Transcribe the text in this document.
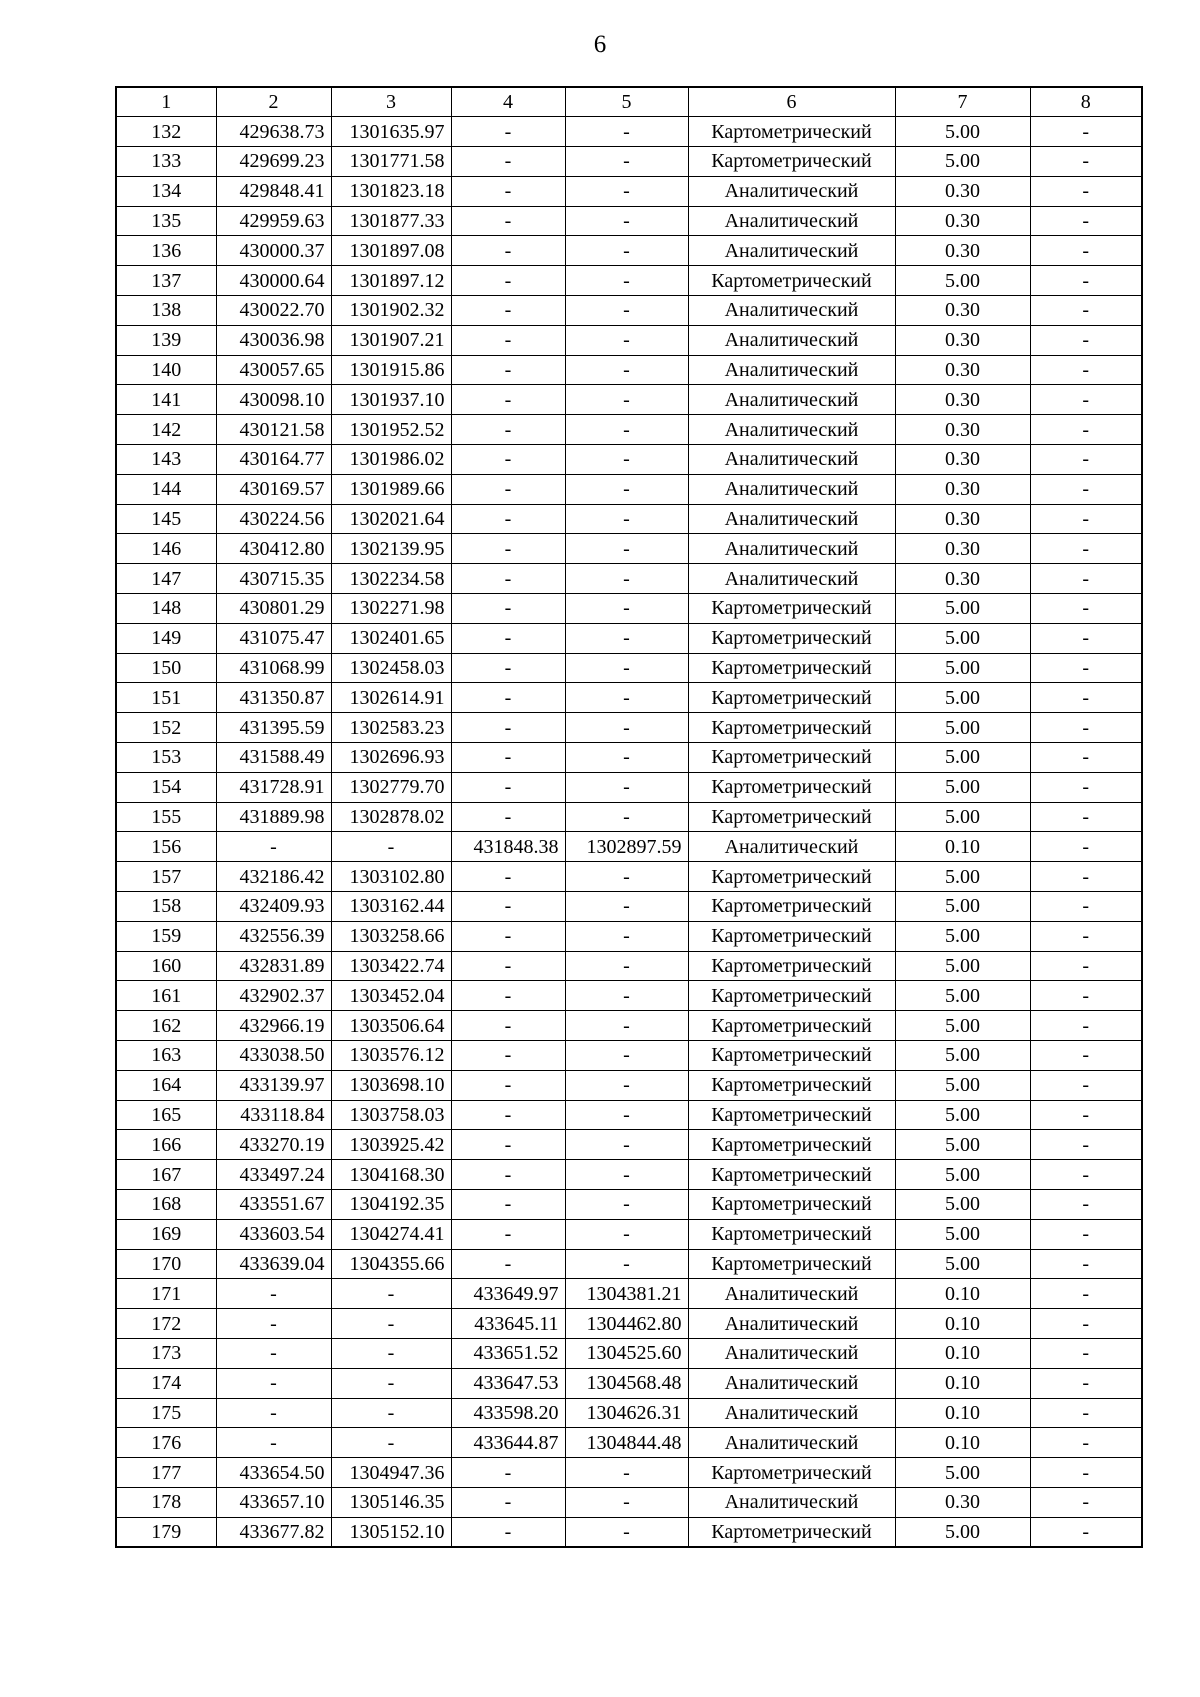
6
1	2	3	4	5	6	7	8
132	429638.73	1301635.97	-	-	Картометрический	5.00	-
133	429699.23	1301771.58	-	-	Картометрический	5.00	-
134	429848.41	1301823.18	-	-	Аналитический	0.30	-
135	429959.63	1301877.33	-	-	Аналитический	0.30	-
136	430000.37	1301897.08	-	-	Аналитический	0.30	-
137	430000.64	1301897.12	-	-	Картометрический	5.00	-
138	430022.70	1301902.32	-	-	Аналитический	0.30	-
139	430036.98	1301907.21	-	-	Аналитический	0.30	-
140	430057.65	1301915.86	-	-	Аналитический	0.30	-
141	430098.10	1301937.10	-	-	Аналитический	0.30	-
142	430121.58	1301952.52	-	-	Аналитический	0.30	-
143	430164.77	1301986.02	-	-	Аналитический	0.30	-
144	430169.57	1301989.66	-	-	Аналитический	0.30	-
145	430224.56	1302021.64	-	-	Аналитический	0.30	-
146	430412.80	1302139.95	-	-	Аналитический	0.30	-
147	430715.35	1302234.58	-	-	Аналитический	0.30	-
148	430801.29	1302271.98	-	-	Картометрический	5.00	-
149	431075.47	1302401.65	-	-	Картометрический	5.00	-
150	431068.99	1302458.03	-	-	Картометрический	5.00	-
151	431350.87	1302614.91	-	-	Картометрический	5.00	-
152	431395.59	1302583.23	-	-	Картометрический	5.00	-
153	431588.49	1302696.93	-	-	Картометрический	5.00	-
154	431728.91	1302779.70	-	-	Картометрический	5.00	-
155	431889.98	1302878.02	-	-	Картометрический	5.00	-
156	-	-	431848.38	1302897.59	Аналитический	0.10	-
157	432186.42	1303102.80	-	-	Картометрический	5.00	-
158	432409.93	1303162.44	-	-	Картометрический	5.00	-
159	432556.39	1303258.66	-	-	Картометрический	5.00	-
160	432831.89	1303422.74	-	-	Картометрический	5.00	-
161	432902.37	1303452.04	-	-	Картометрический	5.00	-
162	432966.19	1303506.64	-	-	Картометрический	5.00	-
163	433038.50	1303576.12	-	-	Картометрический	5.00	-
164	433139.97	1303698.10	-	-	Картометрический	5.00	-
165	433118.84	1303758.03	-	-	Картометрический	5.00	-
166	433270.19	1303925.42	-	-	Картометрический	5.00	-
167	433497.24	1304168.30	-	-	Картометрический	5.00	-
168	433551.67	1304192.35	-	-	Картометрический	5.00	-
169	433603.54	1304274.41	-	-	Картометрический	5.00	-
170	433639.04	1304355.66	-	-	Картометрический	5.00	-
171	-	-	433649.97	1304381.21	Аналитический	0.10	-
172	-	-	433645.11	1304462.80	Аналитический	0.10	-
173	-	-	433651.52	1304525.60	Аналитический	0.10	-
174	-	-	433647.53	1304568.48	Аналитический	0.10	-
175	-	-	433598.20	1304626.31	Аналитический	0.10	-
176	-	-	433644.87	1304844.48	Аналитический	0.10	-
177	433654.50	1304947.36	-	-	Картометрический	5.00	-
178	433657.10	1305146.35	-	-	Аналитический	0.30	-
179	433677.82	1305152.10	-	-	Картометрический	5.00	-
